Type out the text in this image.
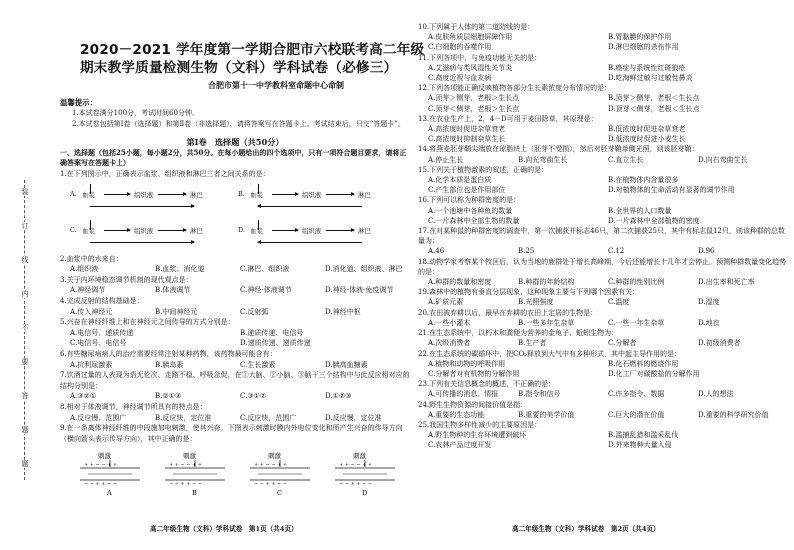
装
订
线
内
不
要
答
题
题
2020－2021 学年度第一学期合肥市六校联考高二年级
期末教学质量检测生物（文科）学科试卷（必修三）
合肥市第十一中学教科室命题中心命制
温馨提示：
1.本试卷满分100分，考试时间60分钟。
2.本试卷包括第Ⅰ卷（选择题）和第Ⅱ卷（非选择题），请将答案写在答题卡上。考试结束后，只交“答题卡”。
第Ⅰ卷　选择题（共50分）
一、选择题（包括25小题，每小题2分，共50分。在每小题给出的四个选项中，只有一项符合题目要求，请将正确答案写在答题卡上）
1.在下列图示中，正确表示血浆、组织液和淋巴三者之间关系的是：
A. 血浆	组织液	淋巴	B. 血浆	组织液	淋巴
C. 血浆	组织液	淋巴	D. 血浆	组织液	淋巴
2.血浆中的水来自：
A.组织液	B.血浆、消化道	C.淋巴、组织液	D.消化道、组织液、淋巴
3.关于内环境稳态调节机制的现代观点是：
A.神经调节	B.体液调节	C.神经-体液调节	D.神经-体液-免疫调节
4.完成反射的结构基础是：
A.传入神经元	B.中间神经元	C.反射弧	D.神经中枢
5.兴奋在神经纤维上和在神经元之间传导的方式分别是：
A.电信号、递质传递	B.递质传递、电信号
C.电信号、电信号	D.递质传递、递质传递
6.有些糖尿病病人的治疗需要经常注射某种药物，该药物最可能含有：
A.抗利尿激素	B.胰岛素	C.生长激素	D.胰高血糖素
7.饮酒过量的人表现为语无伦次、走路不稳、呼吸急促，在①大脑、②小脑、③脑干三个结构中与此反应相对应的结构分别是：
A.③②①	B.②①③	C.③①②	D.①②③
8.相对于体液调节，神经调节所具有的特点是：
A.反应慢、范围广	B.反应快，定位准	C.反应快，范围广	D.反应慢，定位准
9.在一条离体神经纤维的中段施加电刺激，使其兴奋。下图表示刺激时膜内外电位变化和所产生兴奋的传导方向（横向箭头表示传导方向），其中正确的是：
刺激
+ + − − + +
− − + + − −
A
刺激
+ + − − + +
− − + + − −
B
刺激
+ + − − + +
− − + + − −
C
刺激
+ + − − + +
− − + + − −
D
10.下列属于人体的第二道防线的是：
A.皮肤角质层细胞屏障作用	B.胃黏膜的保护作用
C.白细胞的吞噬作用	D.淋巴细胞的杀伤作用
11.下列各项中，与免疫功能无关的是：
A.艾滋病与类风湿性关节炎	B.癌症与系统性红斑狼疮
C.高度近视与血友病	D.吃海鲜过敏与过敏性鼻炎
12.下列各项能正确反映植物各部分生长素浓度分布情况的是：
A.顶芽＞侧芽，老根＞生长点	B.顶芽＞侧芽，老根＜生长点
C.顶芽＜侧芽，老根＞生长点	D.顶芽＜侧芽，老根＜生长点
13.在农业生产上，2，4－D可用于麦田除草，其原理是：
A.高浓度时促进杂草衰老	B.低浓度时促进杂草衰老
C.高浓度时抑制杂草生长	D.低浓度时促进小麦生长
14.将燕麦胚芽鞘尖端放在琼脂块上（胚芽不受损），然后对胚芽鞘单侧光照，则该胚芽鞘：
A.停止生长	B.向光弯曲生长	C.直立生长	D.向右弯曲生长
15.下列关于植物激素的叙述，正确的是：
A.化学本质是蛋白质	B.在植物体内含量很多
C.产生部位也是作用部位	D.对植物体的生命活动有显著的调节作用
16.下列可以称为种群密度的是：
A.一个池塘中各种鱼的数量	B.全世界的人口数量
C.一片森林中全部生物的数量	D.一片森林中全部植物的密度
17.在对某种鼠的种群密度的调查中，第一次捕获并标志46只，第二次捕获25只，其中有标志鼠12只，则该种群的总数量为：
A.46	B.25	C.12	D.96
18.动物学家考察某个牧区后，认为当地的鹿群处于增长高峰期，今后还能增长十几年才会停止。预测种群数量变化趋势的是：
A.种群的数量和密度	B.种群的年龄结构	C.种群的性别比例	D.出生率和死亡率
19.森林中的植物有垂直分层现象，这种现象主要与下列哪个因素有关：
A.矿质元素	B.光照强度	C.温度	D.湿度
20.农田被弃耕以后，最早在弃耕的农田上定居的生物是：
A.一些小灌木	B.一些多年生杂草	C.一些一年生杂草	D.地衣
21.在生态系统中，以朽木和粪便为营养的金龟子、蚯蚓生物为：
A.次级消费者	B.生产者	C.分解者	D.初级消费者
22.在生态系统的碳循环中，把CO₂释放到大气中有多种形式，其中起主导作用的是：
A.植物和动物的呼吸作用	B.化石燃料的燃烧作用
C.分解者对有机物的分解作用	D.化工厂对碳酸盐的分解作用
23.下列有关信息概念的概述，不正确的是：
A.可传播的消息、情报	B.指令和信号	C.许多指令、数据	D.人的想法
24.野生生物资源的间接价值是指：
A.重要的生态功能	B.重要的美学价值	C.巨大的潜在价值	D.重要的科学研究价值
25.我国生物多样性减少的主要原因是：
A.野生物种的生存环境遭到破坏	B.滥捕乱猎和滥采乱伐
C.农林产品过度开发	D.外来物种大量入侵
高二年级生物（文科）学科试卷　第1页（共4页）	高二年级生物（文科）学科试卷　第2页（共4页）
